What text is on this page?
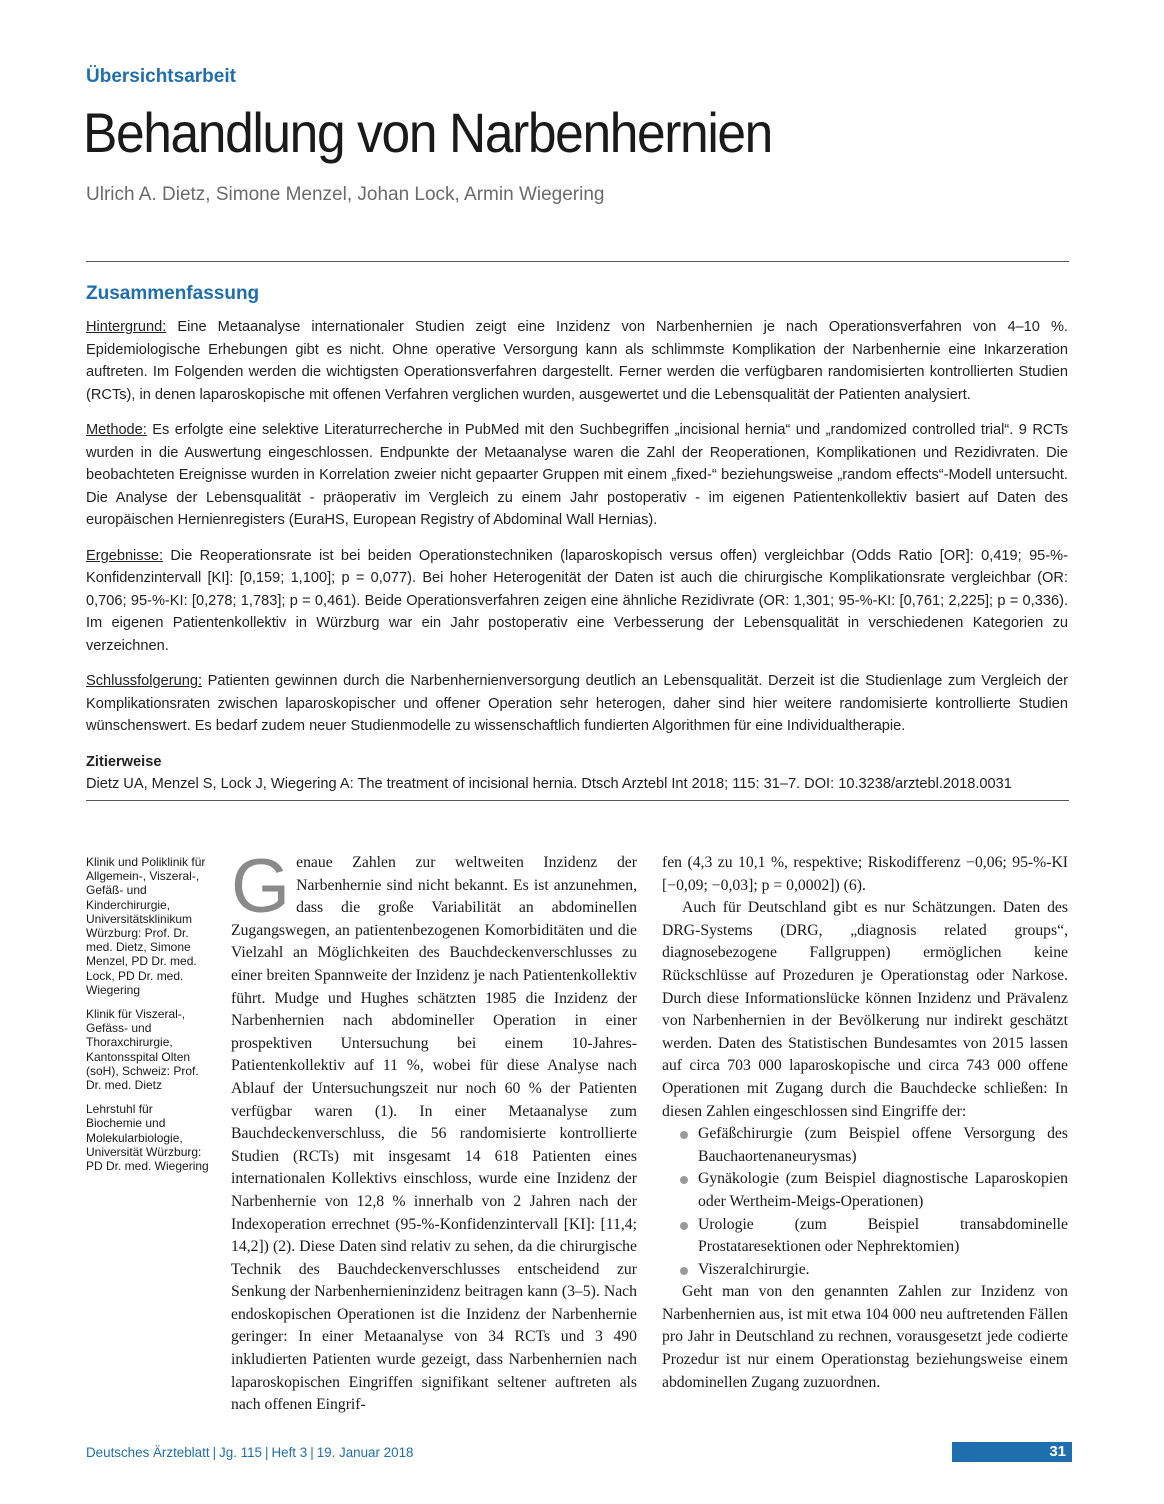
Übersichtsarbeit
Behandlung von Narbenhernien
Ulrich A. Dietz, Simone Menzel, Johan Lock, Armin Wiegering
Zusammenfassung

Hintergrund: Eine Metaanalyse internationaler Studien zeigt eine Inzidenz von Narbenhernien je nach Operationsverfahren von 4–10 %. Epidemiologische Erhebungen gibt es nicht. Ohne operative Versorgung kann als schlimmste Komplikation der Narbenhernie eine Inkarzeration auftreten. Im Folgenden werden die wichtigsten Operationsverfahren dargestellt. Ferner werden die verfügbaren randomisierten kontrollierten Studien (RCTs), in denen laparoskopische mit offenen Verfahren verglichen wurden, ausgewertet und die Lebensqualität der Patienten analysiert.

Methode: Es erfolgte eine selektive Literaturrecherche in PubMed mit den Suchbegriffen „incisional hernia“ und „randomized controlled trial“. 9 RCTs wurden in die Auswertung eingeschlossen. Endpunkte der Metaanalyse waren die Zahl der Reoperationen, Komplikationen und Rezidivraten. Die beobachteten Ereignisse wurden in Korrelation zweier nicht gepaarter Gruppen mit einem „fixed-“ beziehungsweise „random effects“-Modell untersucht. Die Analyse der Lebensqualität - präoperativ im Vergleich zu einem Jahr postoperativ - im eigenen Patientenkollektiv basiert auf Daten des europäischen Hernienregisters (EuraHS, European Registry of Abdominal Wall Hernias).

Ergebnisse: Die Reoperationsrate ist bei beiden Operationstechniken (laparoskopisch versus offen) vergleichbar (Odds Ratio [OR]: 0,419; 95-%-Konfidenzintervall [KI]: [0,159; 1,100]; p = 0,077). Bei hoher Heterogenität der Daten ist auch die chirurgische Komplikationsrate vergleichbar (OR: 0,706; 95-%-KI: [0,278; 1,783]; p = 0,461). Beide Operationsverfahren zeigen eine ähnliche Rezidivrate (OR: 1,301; 95-%-KI: [0,761; 2,225]; p = 0,336). Im eigenen Patientenkollektiv in Würzburg war ein Jahr postoperativ eine Verbesserung der Lebensqualität in verschiedenen Kategorien zu verzeichnen.

Schlussfolgerung: Patienten gewinnen durch die Narbenhernienversorgung deutlich an Lebensqualität. Derzeit ist die Studienlage zum Vergleich der Komplikationsraten zwischen laparoskopischer und offener Operation sehr heterogen, daher sind hier weitere randomisierte kontrollierte Studien wünschenswert. Es bedarf zudem neuer Studienmodelle zu wissenschaftlich fundierten Algorithmen für eine Individualtherapie.

Zitierweise

Dietz UA, Menzel S, Lock J, Wiegering A: The treatment of incisional hernia. Dtsch Arztebl Int 2018; 115: 31–7. DOI: 10.3238/arztebl.2018.0031

Klinik und Poliklinik für Allgemein-, Viszeral-, Gefäß- und Kinderchirurgie, Universitätsklinikum Würzburg: Prof. Dr. med. Dietz, Simone Menzel, PD Dr. med. Lock, PD Dr. med. Wiegering

Klinik für Viszeral-, Gefäss- und Thoraxchirurgie, Kantonsspital Olten (soH), Schweiz: Prof. Dr. med. Dietz

Lehrstuhl für Biochemie und Molekularbiologie, Universität Würzburg: PD Dr. med. Wiegering

Genaue Zahlen zur weltweiten Inzidenz der Narbenhernie sind nicht bekannt. Es ist anzunehmen, dass die große Variabilität an abdominellen Zugangswegen, an patientenbezogenen Komorbiditäten und die Vielzahl an Möglichkeiten des Bauchdeckenverschlusses zu einer breiten Spannweite der Inzidenz je nach Patientenkollektiv führt. Mudge und Hughes schätzten 1985 die Inzidenz der Narbenhernien nach abdomineller Operation in einer prospektiven Untersuchung bei einem 10-Jahres-Patientenkollektiv auf 11 %, wobei für diese Analyse nach Ablauf der Untersuchungszeit nur noch 60 % der Patienten verfügbar waren (1). In einer Metaanalyse zum Bauchdeckenverschluss, die 56 randomisierte kontrollierte Studien (RCTs) mit insgesamt 14 618 Patienten eines internationalen Kollektivs einschloss, wurde eine Inzidenz der Narbenhernie von 12,8 % innerhalb von 2 Jahren nach der Indexoperation errechnet (95-%-Konfidenzintervall [KI]: [11,4; 14,2]) (2). Diese Daten sind relativ zu sehen, da die chirurgische Technik des Bauchdeckenverschlusses entscheidend zur Senkung der Narbenhernieninzidenz beitragen kann (3–5). Nach endoskopischen Operationen ist die Inzidenz der Narbenhernie geringer: In einer Metaanalyse von 34 RCTs und 3 490 inkludierten Patienten wurde gezeigt, dass Narbenhernien nach laparoskopischen Eingriffen signifikant seltener auftreten als nach offenen Eingrif-

fen (4,3 zu 10,1 %, respektive; Riskodifferenz −0,06; 95-%-KI [−0,09; −0,03]; p = 0,0002]) (6).

Auch für Deutschland gibt es nur Schätzungen. Daten des DRG-Systems (DRG, „diagnosis related groups“, diagnosebezogene Fallgruppen) ermöglichen keine Rückschlüsse auf Prozeduren je Operationstag oder Narkose. Durch diese Informationslücke können Inzidenz und Prävalenz von Narbenhernien in der Bevölkerung nur indirekt geschätzt werden. Daten des Statistischen Bundesamtes von 2015 lassen auf circa 703 000 laparoskopische und circa 743 000 offene Operationen mit Zugang durch die Bauchdecke schließen: In diesen Zahlen eingeschlossen sind Eingriffe der:

Gefäßchirurgie (zum Beispiel offene Versorgung des Bauchaortenaneurysmas)
Gynäkologie (zum Beispiel diagnostische Laparoskopien oder Wertheim-Meigs-Operationen)
Urologie (zum Beispiel transabdominelle Prostataresektionen oder Nephrektomien)
Viszeralchirurgie.

Geht man von den genannten Zahlen zur Inzidenz von Narbenhernien aus, ist mit etwa 104 000 neu auftretenden Fällen pro Jahr in Deutschland zu rechnen, vorausgesetzt jede codierte Prozedur ist nur einem Operationstag beziehungsweise einem abdominellen Zugang zuzuordnen.

Deutsches Ärzteblatt | Jg. 115 | Heft 3 | 19. Januar 2018	31
